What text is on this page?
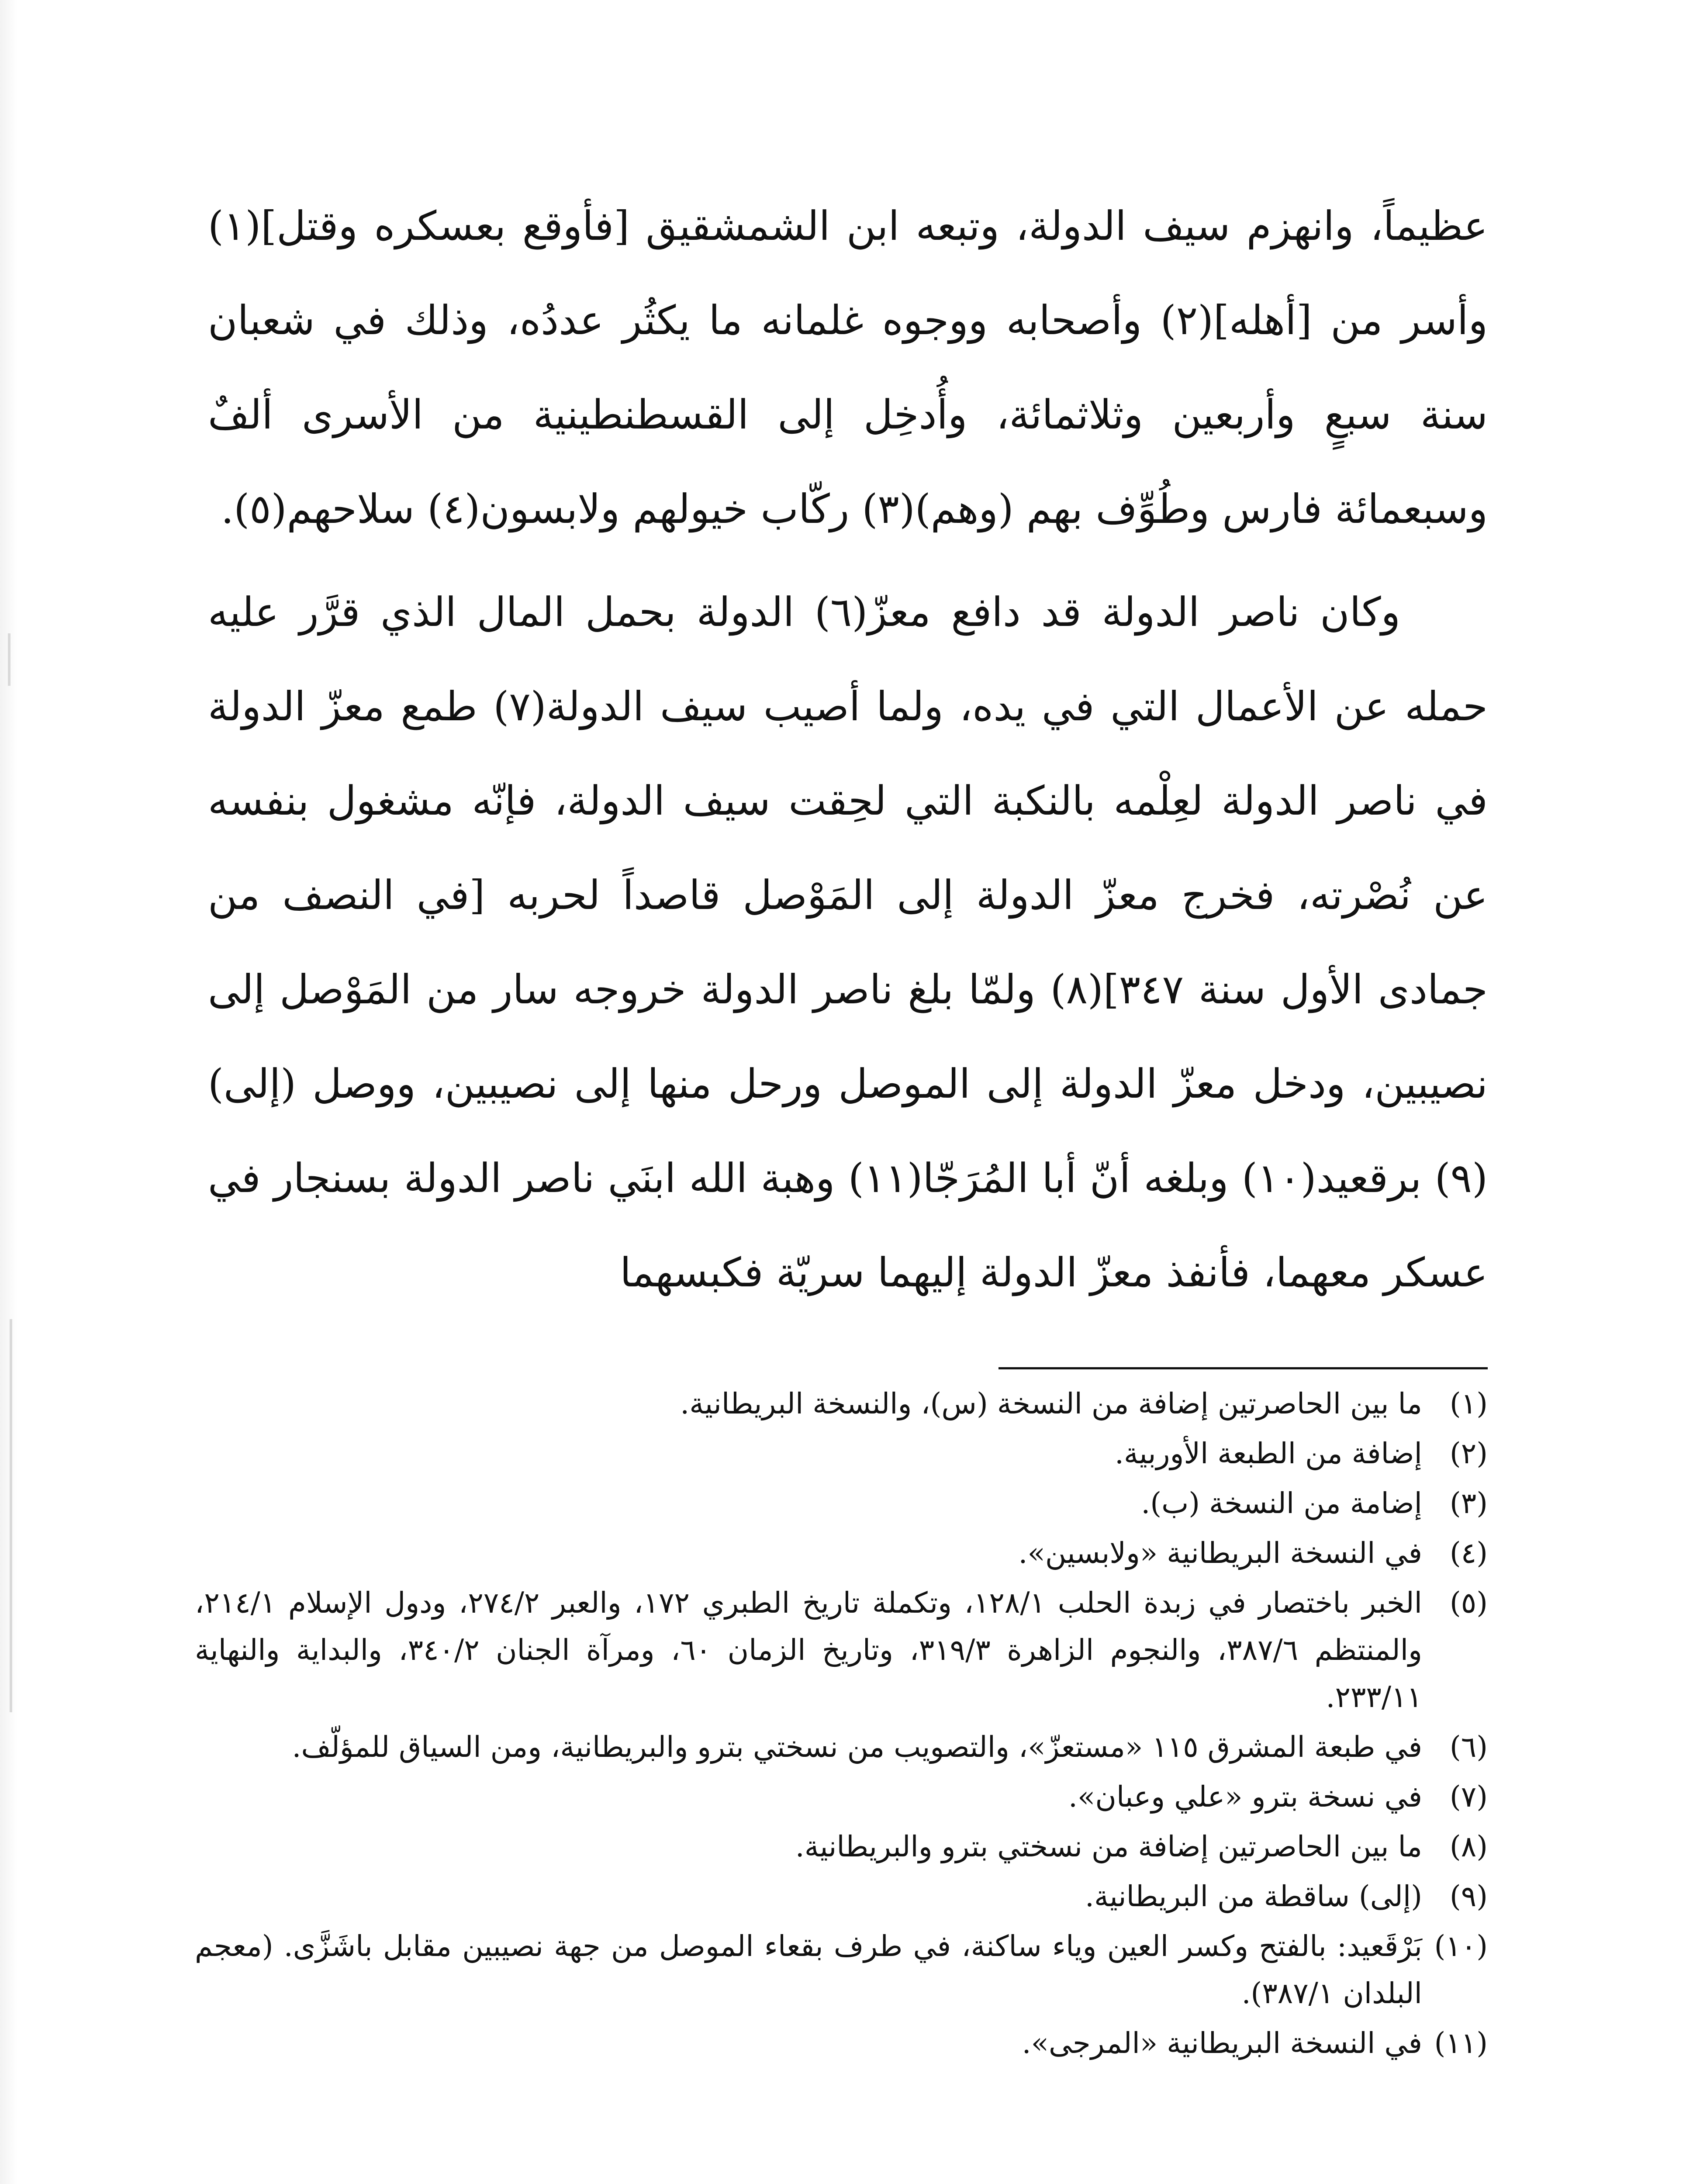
عظيماً، وانهزم سيف الدولة، وتبعه ابن الشمشقيق [فأوقع بعسكره وقتل](١) وأسر من [أهله](٢) وأصحابه ووجوه غلمانه ما يكثُر عددُه، وذلك في شعبان سنة سبعٍ وأربعين وثلاثمائة، وأُدخِل إلى القسطنطينية من الأسرى ألفٌ وسبعمائة فارس وطُوِّف بهم (وهم)(٣) ركّاب خيولهم ولابسون(٤) سلاحهم(٥).

وكان ناصر الدولة قد دافع معزّ(٦) الدولة بحمل المال الذي قرَّر عليه حمله عن الأعمال التي في يده، ولما أصيب سيف الدولة(٧) طمع معزّ الدولة في ناصر الدولة لعِلْمه بالنكبة التي لحِقت سيف الدولة، فإنّه مشغول بنفسه عن نُصْرته، فخرج معزّ الدولة إلى المَوْصل قاصداً لحربه [في النصف من جمادى الأول سنة ٣٤٧](٨) ولمّا بلغ ناصر الدولة خروجه سار من المَوْصل إلى نصيبين، ودخل معزّ الدولة إلى الموصل ورحل منها إلى نصيبين، ووصل (إلى)(٩) برقعيد(١٠) وبلغه أنّ أبا المُرَجّا(١١) وهبة الله ابنَي ناصر الدولة بسنجار في عسكر معهما، فأنفذ معزّ الدولة إليهما سريّة فكبسهما

(١)
ما بين الحاصرتين إضافة من النسخة (س)، والنسخة البريطانية.
(٢)
إضافة من الطبعة الأوربية.
(٣)
إضامة من النسخة (ب).
(٤)
في النسخة البريطانية «ولابسين».
(٥)
الخبر باختصار في زبدة الحلب ١٢٨/١، وتكملة تاريخ الطبري ١٧٢، والعبر ٢٧٤/٢، ودول الإسلام ٢١٤/١، والمنتظم ٣٨٧/٦، والنجوم الزاهرة ٣١٩/٣، وتاريخ الزمان ٦٠، ومرآة الجنان ٣٤٠/٢، والبداية والنهاية ٢٣٣/١١.
(٦)
في طبعة المشرق ١١٥ «مستعزّ»، والتصويب من نسختي بترو والبريطانية، ومن السياق للمؤلّف.
(٧)
في نسخة بترو «علي وعبان».
(٨)
ما بين الحاصرتين إضافة من نسختي بترو والبريطانية.
(٩)
(إلى) ساقطة من البريطانية.
(١٠)
بَرْقَعيد: بالفتح وكسر العين وياء ساكنة، في طرف بقعاء الموصل من جهة نصيبين مقابل باشَزَّى. (معجم البلدان ٣٨٧/١).
(١١)
في النسخة البريطانية «المرجى».
